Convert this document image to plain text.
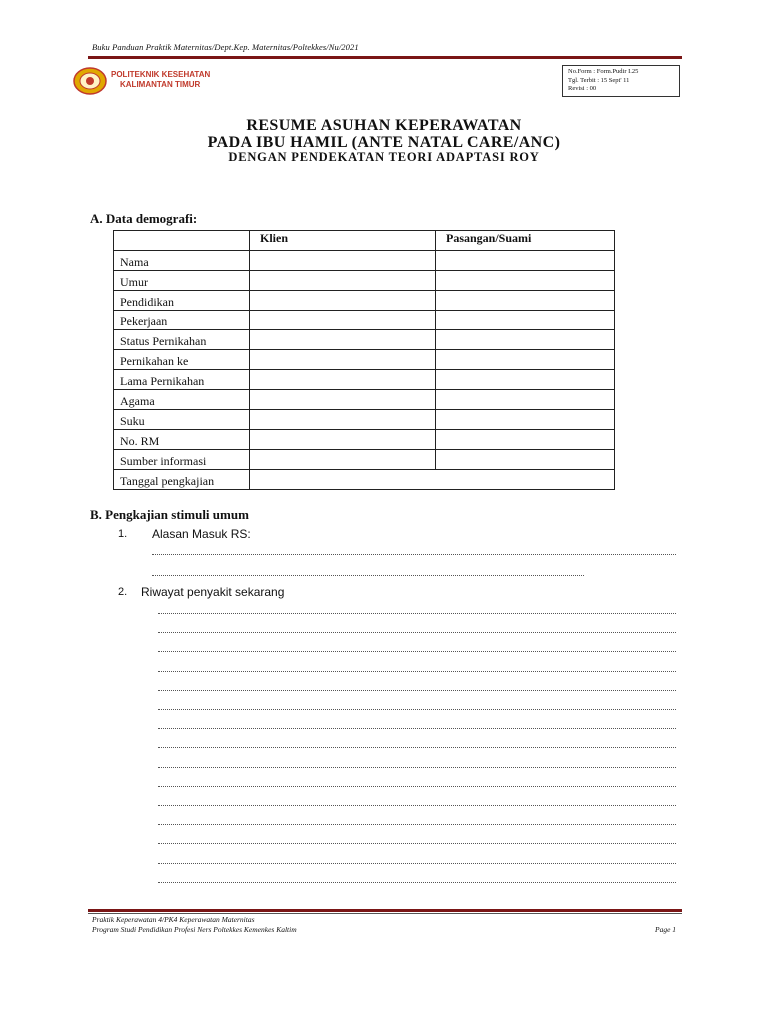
Buku Panduan Praktik Maternitas/Dept.Kep. Maternitas/Poltekkes/Nu/2021
POLITEKNIK KESEHATAN
KALIMANTAN TIMUR
No.Form : Form.Pudir I.25
Tgl. Terbit : 15 Sept' 11
Revisi : 00
RESUME ASUHAN KEPERAWATAN
PADA IBU HAMIL (ANTE NATAL CARE/ANC)
DENGAN PENDEKATAN TEORI ADAPTASI ROY
A. Data demografi:
	Klien	Pasangan/Suami
Nama		
Umur		
Pendidikan		
Pekerjaan		
Status Pernikahan		
Pernikahan ke		
Lama Pernikahan		
Agama		
Suku		
No. RM		
Sumber informasi		
Tanggal pengkajian		
B. Pengkajian stimuli umum
1. Alasan Masuk RS:
2. Riwayat penyakit sekarang
Praktik Keperawatan 4/PK4 Keperawatan Maternitas
Program Studi Pendidikan Profesi Ners Poltekkes Kemenkes Kaltim	Page 1
